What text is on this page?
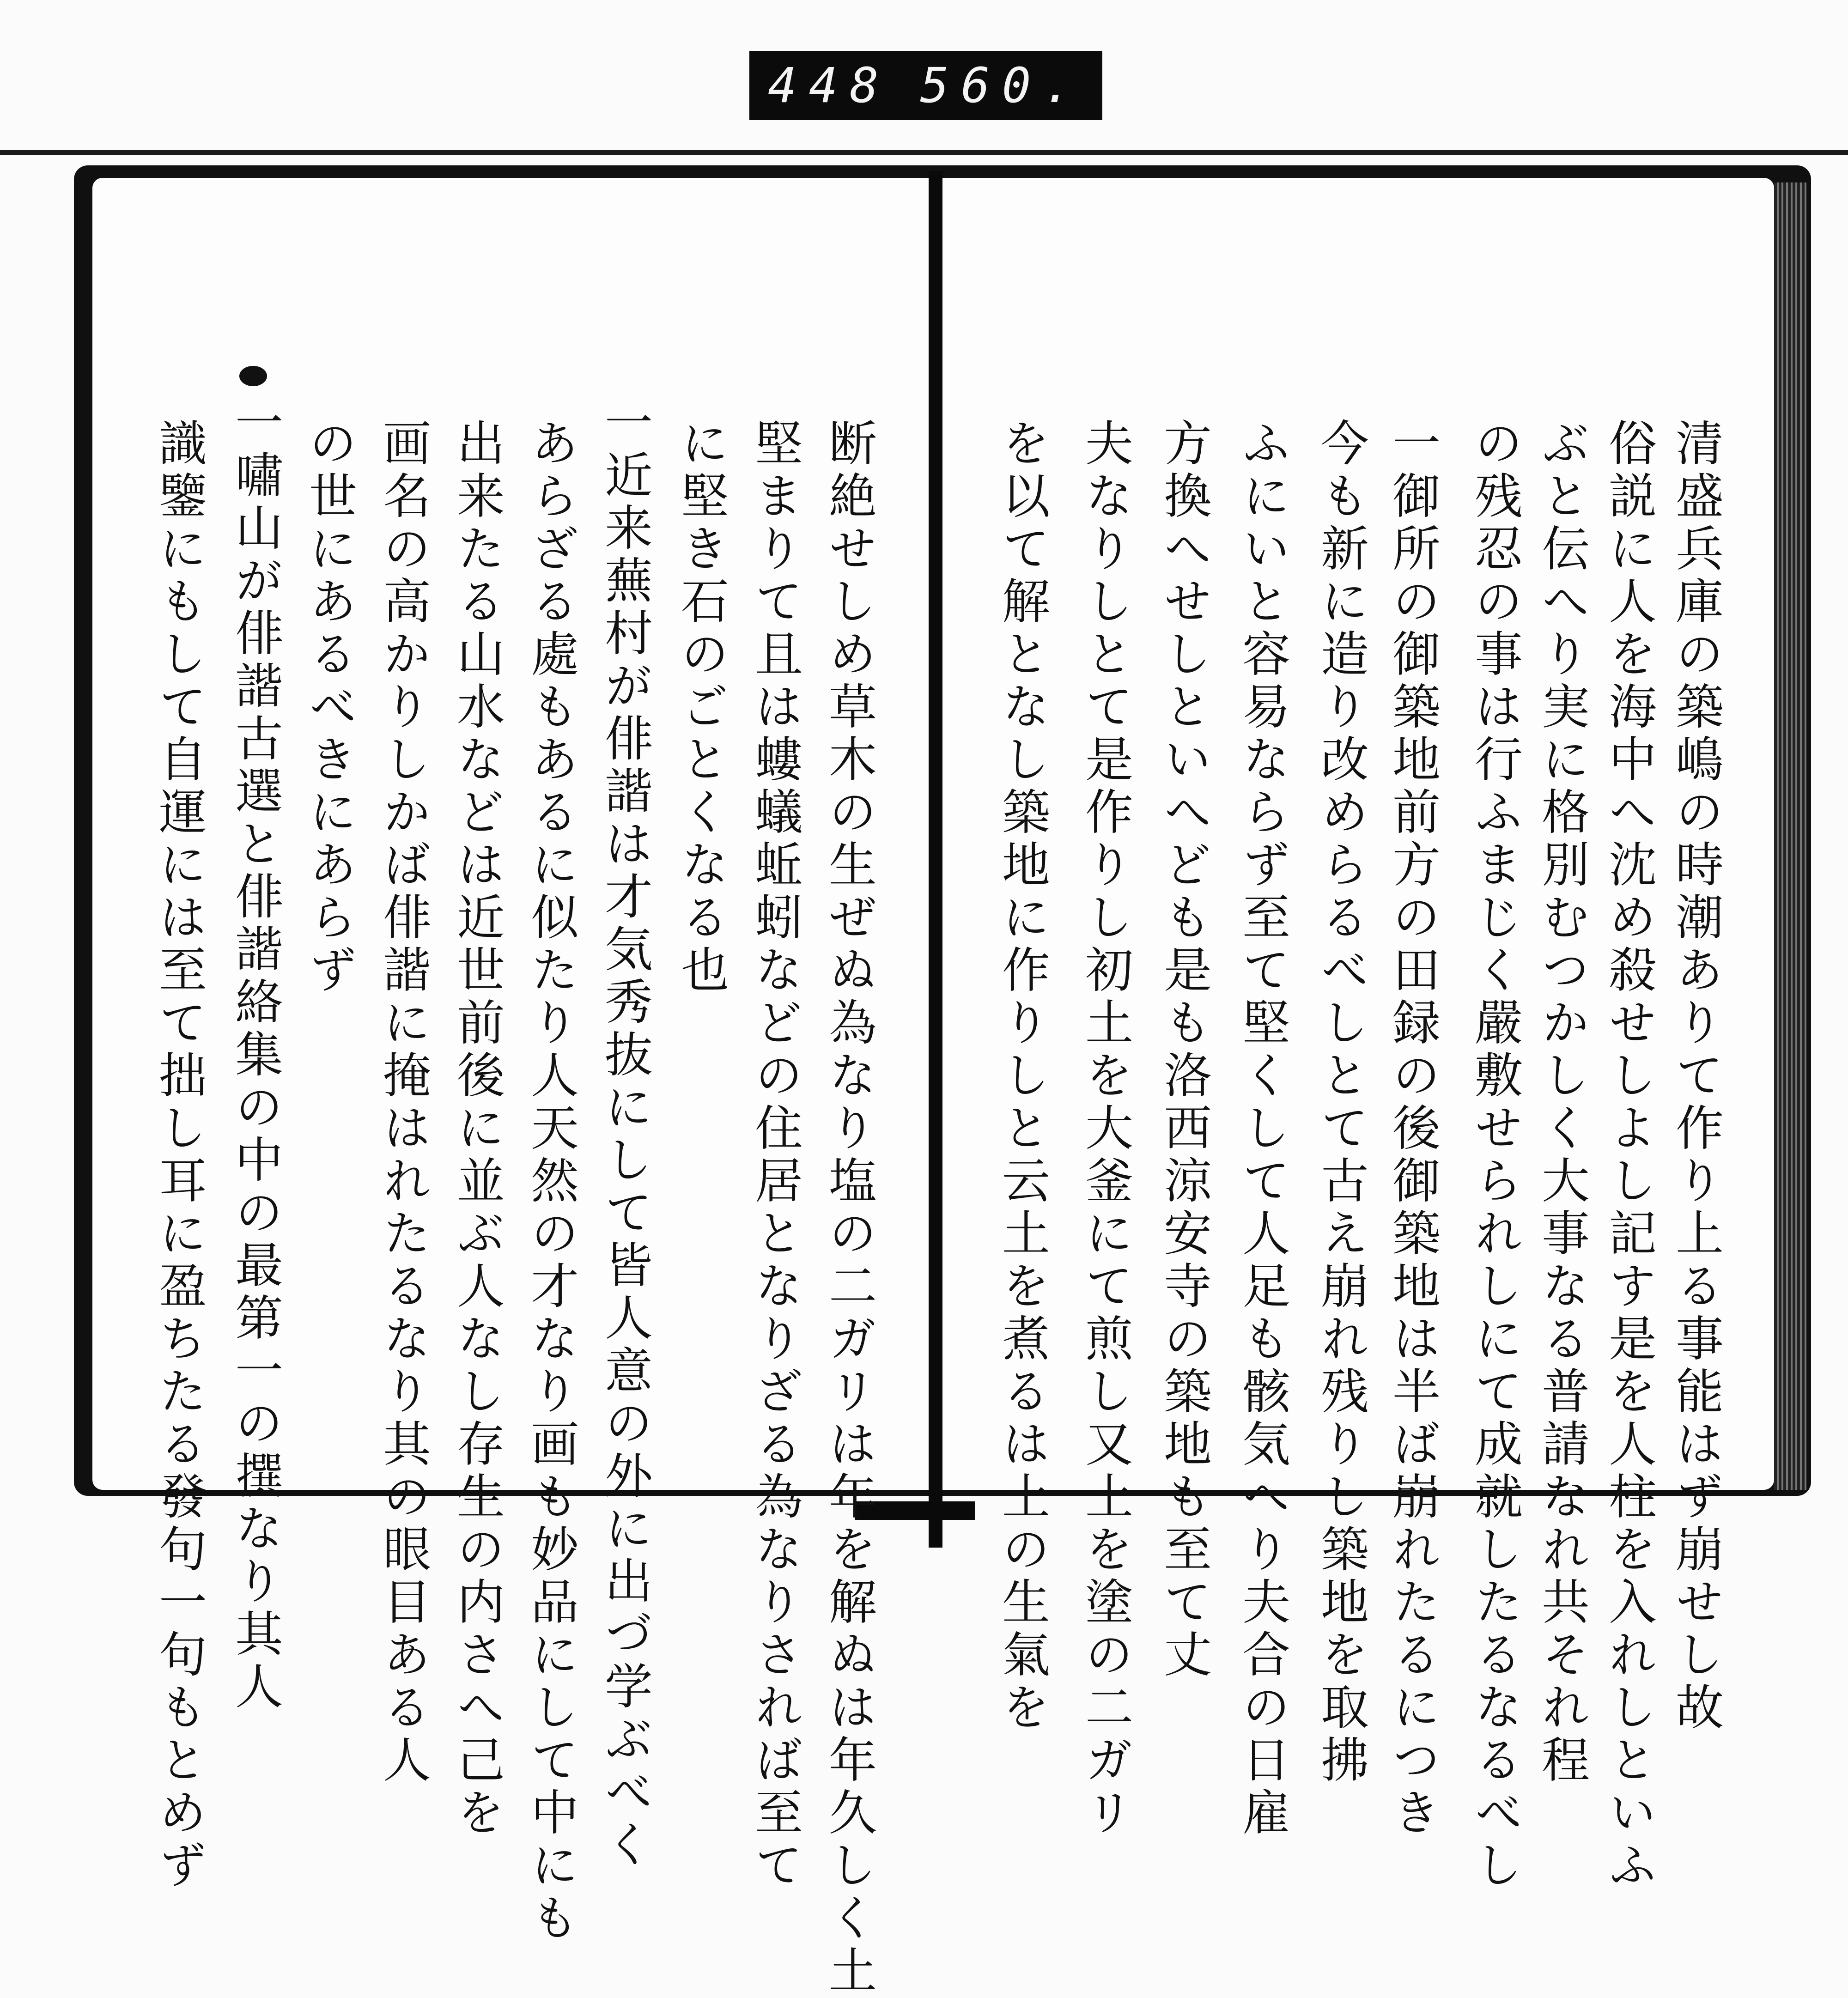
448 560.
清盛兵庫の築嶋の時潮ありて作り上る事能はず崩せし故
俗説に人を海中へ沈め殺せしよし記す是を人柱を入れしといふ
ぶと伝へり実に格別むつかしく大事なる普請なれ共それ程
の残忍の事は行ふまじく嚴敷せられしにて成就したるなるべし
一御所の御築地前方の田録の後御築地は半ば崩れたるにつき
今も新に造り改めらるべしとて古え崩れ残りし築地を取拂
ふにいと容易ならず至て堅くして人足も骸気へり夫合の日雇
方換へせしといへども是も洛西涼安寺の築地も至て丈
夫なりしとて是作りし初土を大釜にて煎し又土を塗の二ガリ
を以て解となし築地に作りしと云土を煮るは土の生氣を
断絶せしめ草木の生ぜぬ為なり塩の二ガリは年を解ぬは年久しく土
堅まりて且は螻蟻蚯蚓などの住居となりざる為なりされば至て
に堅き石のごとくなる也
一近来蕪村が俳諧は才気秀抜にして皆人意の外に出づ学ぶべく
あらざる處もあるに似たり人天然の才なり画も妙品にして中にも
出来たる山水などは近世前後に並ぶ人なし存生の内さへ己を
画名の高かりしかば俳諧に掩はれたるなり其の眼目ある人
の世にあるべきにあらず
一嘯山が俳諧古選と俳諧絡集の中の最第一の撰なり其人
識鑒にもして自運には至て拙し耳に盈ちたる發句一句もとめず
